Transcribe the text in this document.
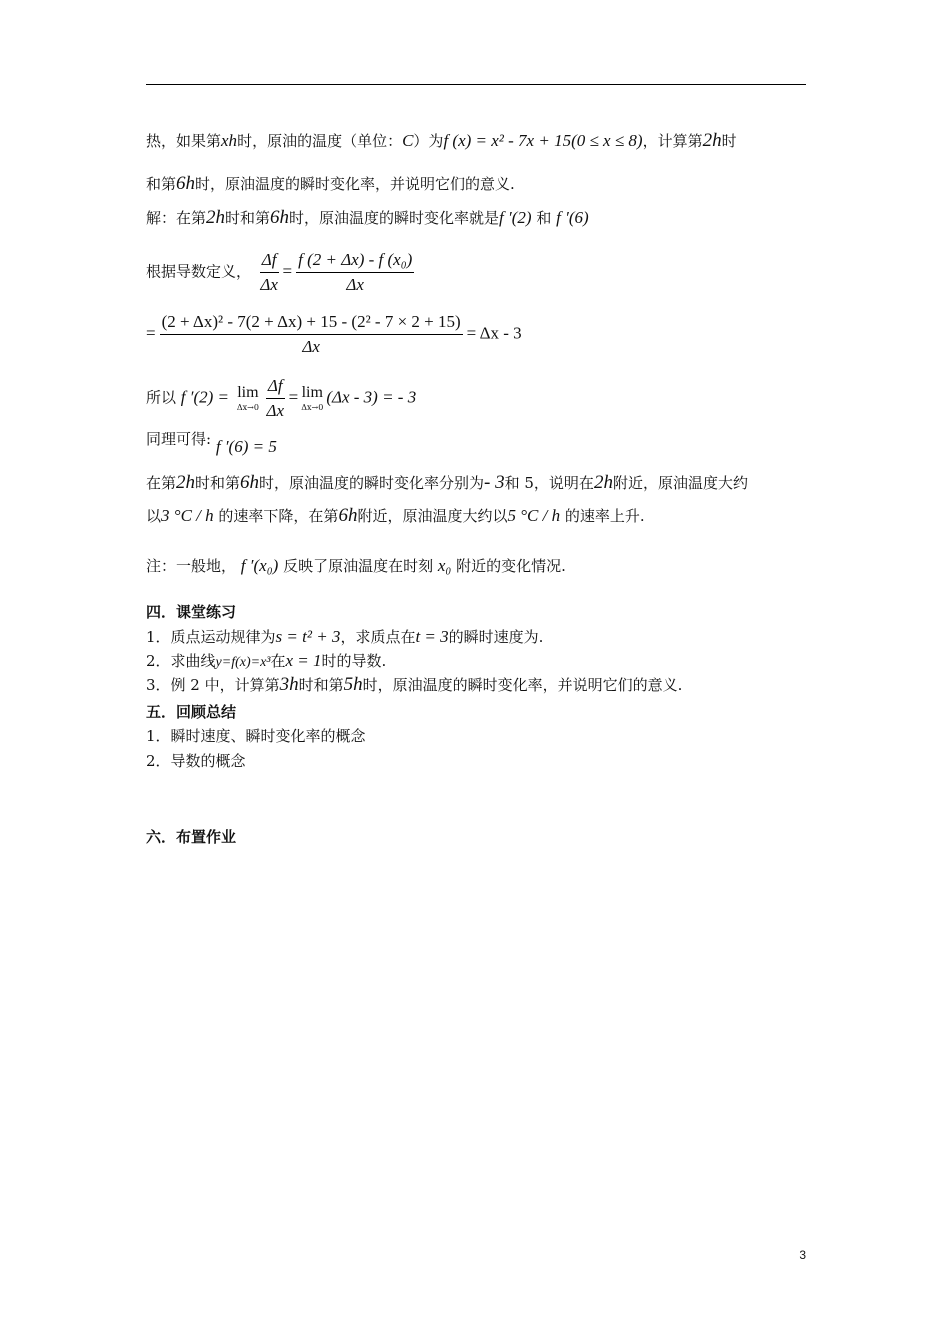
热，如果第xh时，原油的温度（单位：C）为f (x) = x² - 7x + 15(0 ≤ x ≤ 8)，计算第2h时
和第6h时，原油温度的瞬时变化率，并说明它们的意义.
解：在第2h时和第6h时，原油温度的瞬时变化率就是f ′(2) 和 f ′(6)
根据导数定义， $\frac{\Delta f}{\Delta x} = \frac{\text{f (2 + Δx) - f (x₀)}}{\Delta x}$
= $\frac{\text{(2 + Δx)² - 7(2 + Δx) + 15 - (2² - 7 × 2 + 15)}}{\Delta x} = \Delta x - 3$
所以 f ′(2) = lim
$\Delta x\to 0 \frac{\Delta f}{\Delta x} = \lim$
Δx→0
(Δx - 3) = - 3
同理可得: f ′(6) = 5
在第2h时和第6h时，原油温度的瞬时变化率分别为- 3和 5，说明在2h附近，原油温度大约
以3 °C / h 的速率下降，在第6h附近，原油温度大约以5 °C / h 的速率上升.
注：一般地， f ′(x₀) 反映了原油温度在时刻 x₀ 附近的变化情况.
四．课堂练习
1．质点运动规律为s = t² + 3，求质点在t = 3的瞬时速度为.
2．求曲线y=f(x)=x³在x = 1时的导数.
3．例 2 中，计算第3h时和第5h时，原油温度的瞬时变化率，并说明它们的意义.
五．回顾总结
1．瞬时速度、瞬时变化率的概念
2．导数的概念
六．布置作业
3
